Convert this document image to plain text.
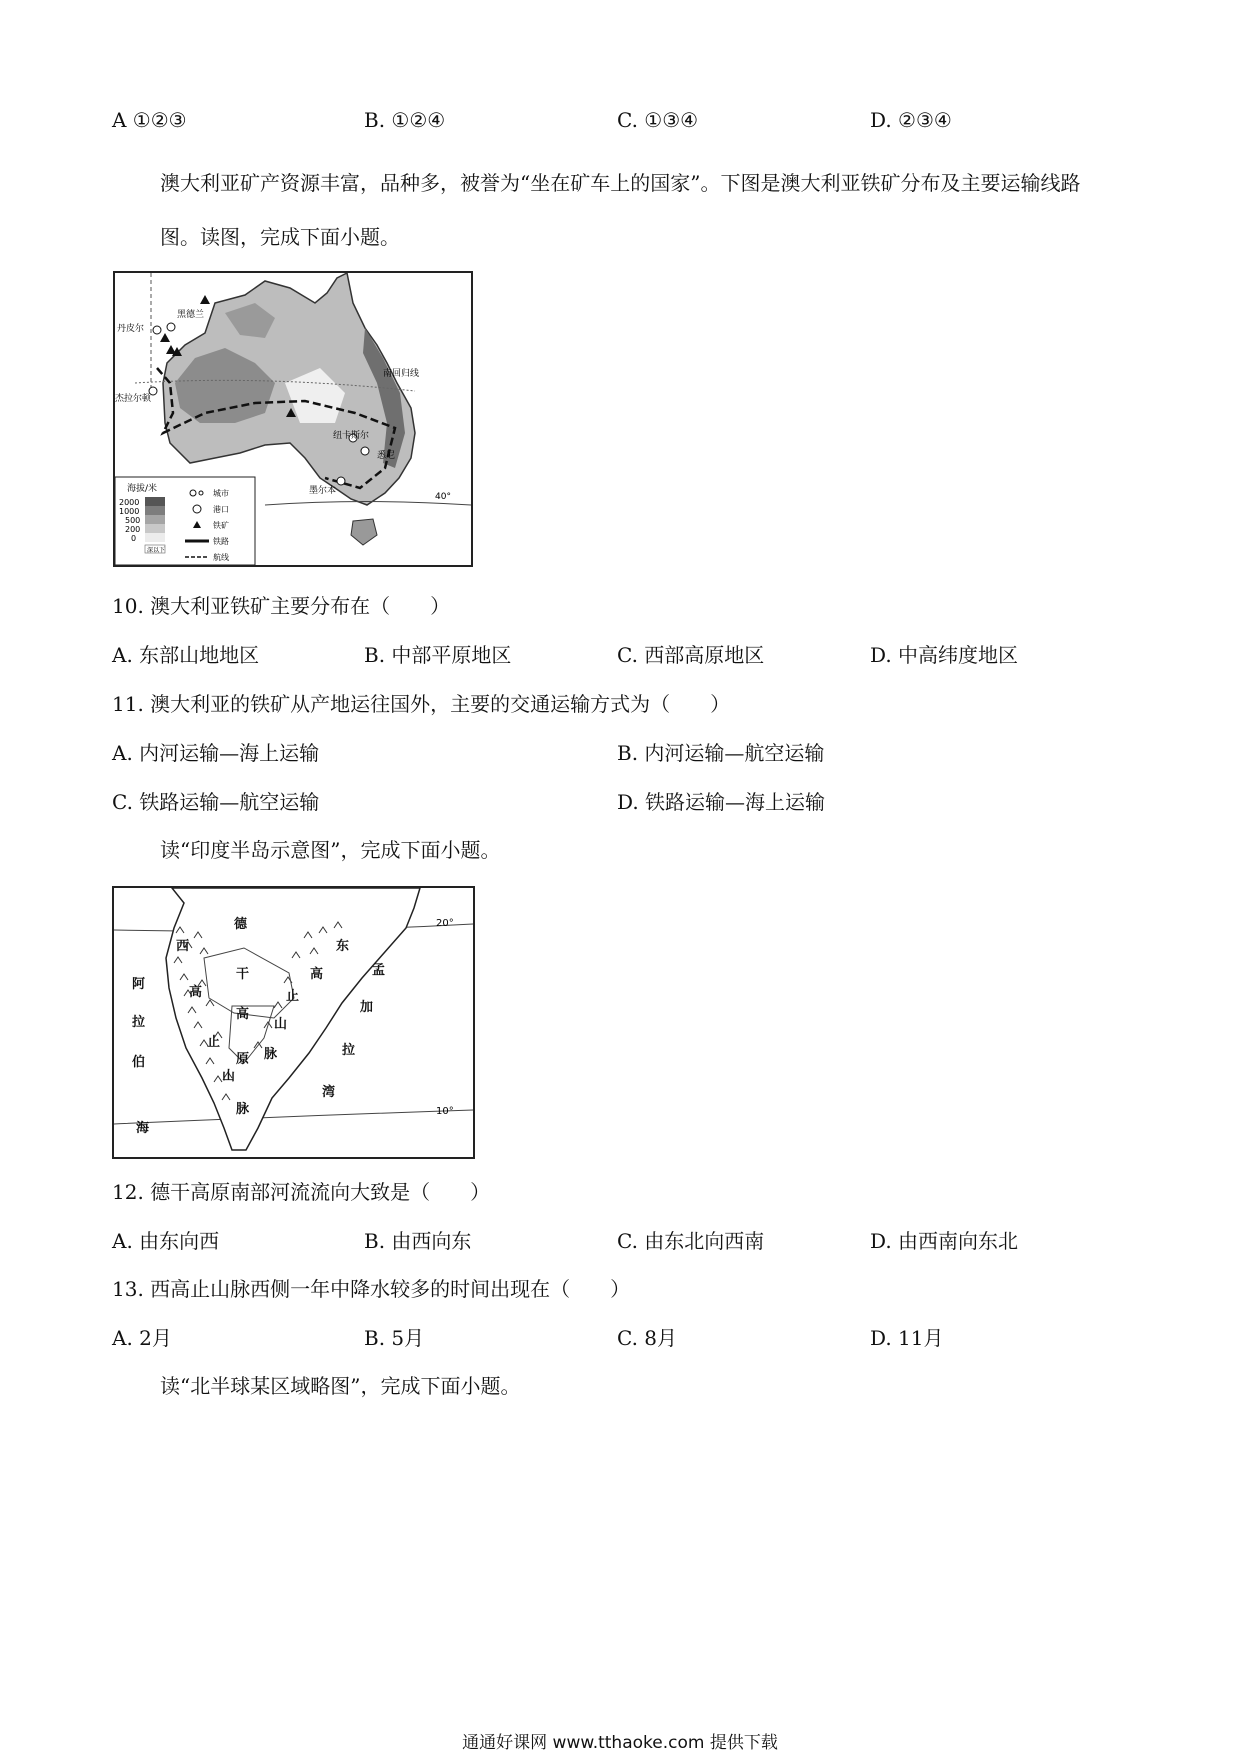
A ①②③	B. ①②④	C. ①③④	D. ②③④
澳大利亚矿产资源丰富，品种多，被誉为“坐在矿车上的国家”。下图是澳大利亚铁矿分布及主要运输线路图。读图，完成下面小题。
黑德兰
丹皮尔
杰拉尔顿
南回归线
纽卡斯尔
悉尼
墨尔本
40°
海拔/米
2000
1000
500
200
0
深以下
城市
港口
铁矿
铁路
航线
10. 澳大利亚铁矿主要分布在（　　）
A. 东部山地地区	B. 中部平原地区	C. 西部高原地区	D. 中高纬度地区
11. 澳大利亚的铁矿从产地运往国外，主要的交通运输方式为（　　）
A. 内河运输—海上运输	B. 内河运输—航空运输
C. 铁路运输—航空运输	D. 铁路运输—海上运输
读“印度半岛示意图”，完成下面小题。
德
西
干
高
高
原
山
脉
止
东
高
止
山
脉
阿
拉
伯
海
孟
加
拉
湾
20°
10°
12. 德干高原南部河流流向大致是（　　）
A. 由东向西	B. 由西向东	C. 由东北向西南	D. 由西南向东北
13. 西高止山脉西侧一年中降水较多的时间出现在（　　）
A. 2月	B. 5月	C. 8月	D. 11月
读“北半球某区域略图”，完成下面小题。
通通好课网 www.tthaoke.com 提供下载
